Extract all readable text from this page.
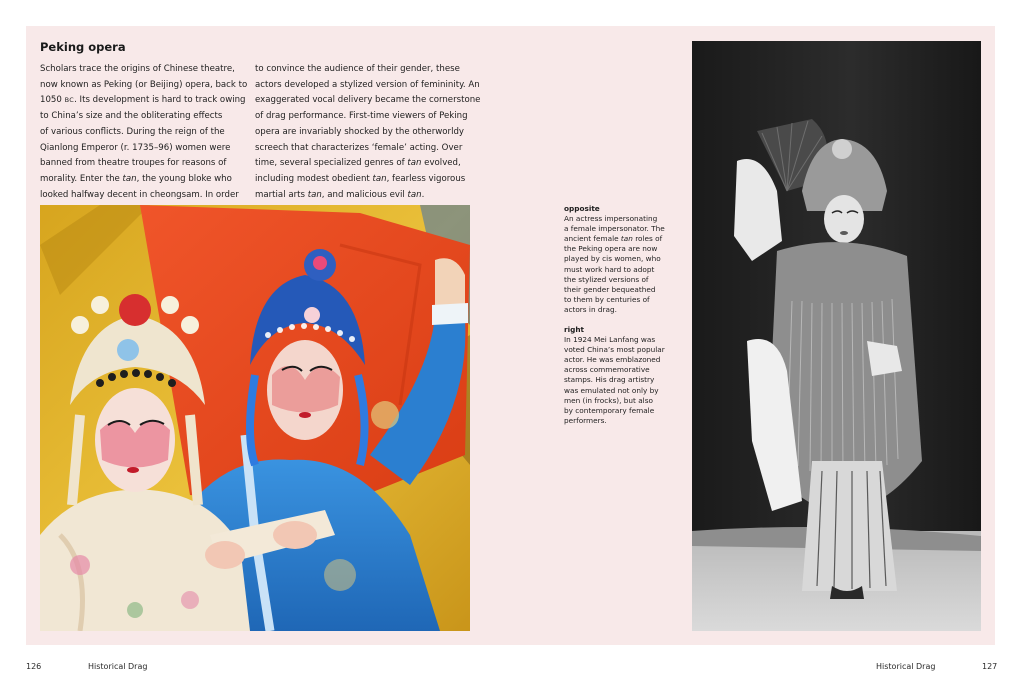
Peking opera

Scholars trace the origins of Chinese theatre,
now known as Peking (or Beijing) opera, back to
1050 BC. Its development is hard to track owing
to China’s size and the obliterating effects
of various conflicts. During the reign of the
Qianlong Emperor (r. 1735–96) women were
banned from theatre troupes for reasons of
morality. Enter the tan, the young bloke who
looked halfway decent in cheongsam. In order

to convince the audience of their gender, these
actors developed a stylized version of femininity. An
exaggerated vocal delivery became the cornerstone
of drag performance. First-time viewers of Peking
opera are invariably shocked by the otherworldy
screech that characterizes ‘female’ acting. Over
time, several specialized genres of tan evolved,
including modest obedient tan, fearless vigorous
martial arts tan, and malicious evil tan.

opposite
An actress impersonating
a female impersonator. The
ancient female tan roles of
the Peking opera are now
played by cis women, who
must work hard to adopt
the stylized versions of
their gender bequeathed
to them by centuries of
actors in drag.

right
In 1924 Mei Lanfang was
voted China’s most popular
actor. He was emblazoned
across commemorative
stamps. His drag artistry
was emulated not only by
men (in frocks), but also
by contemporary female
performers.

126	Historical Drag	Historical Drag	127
